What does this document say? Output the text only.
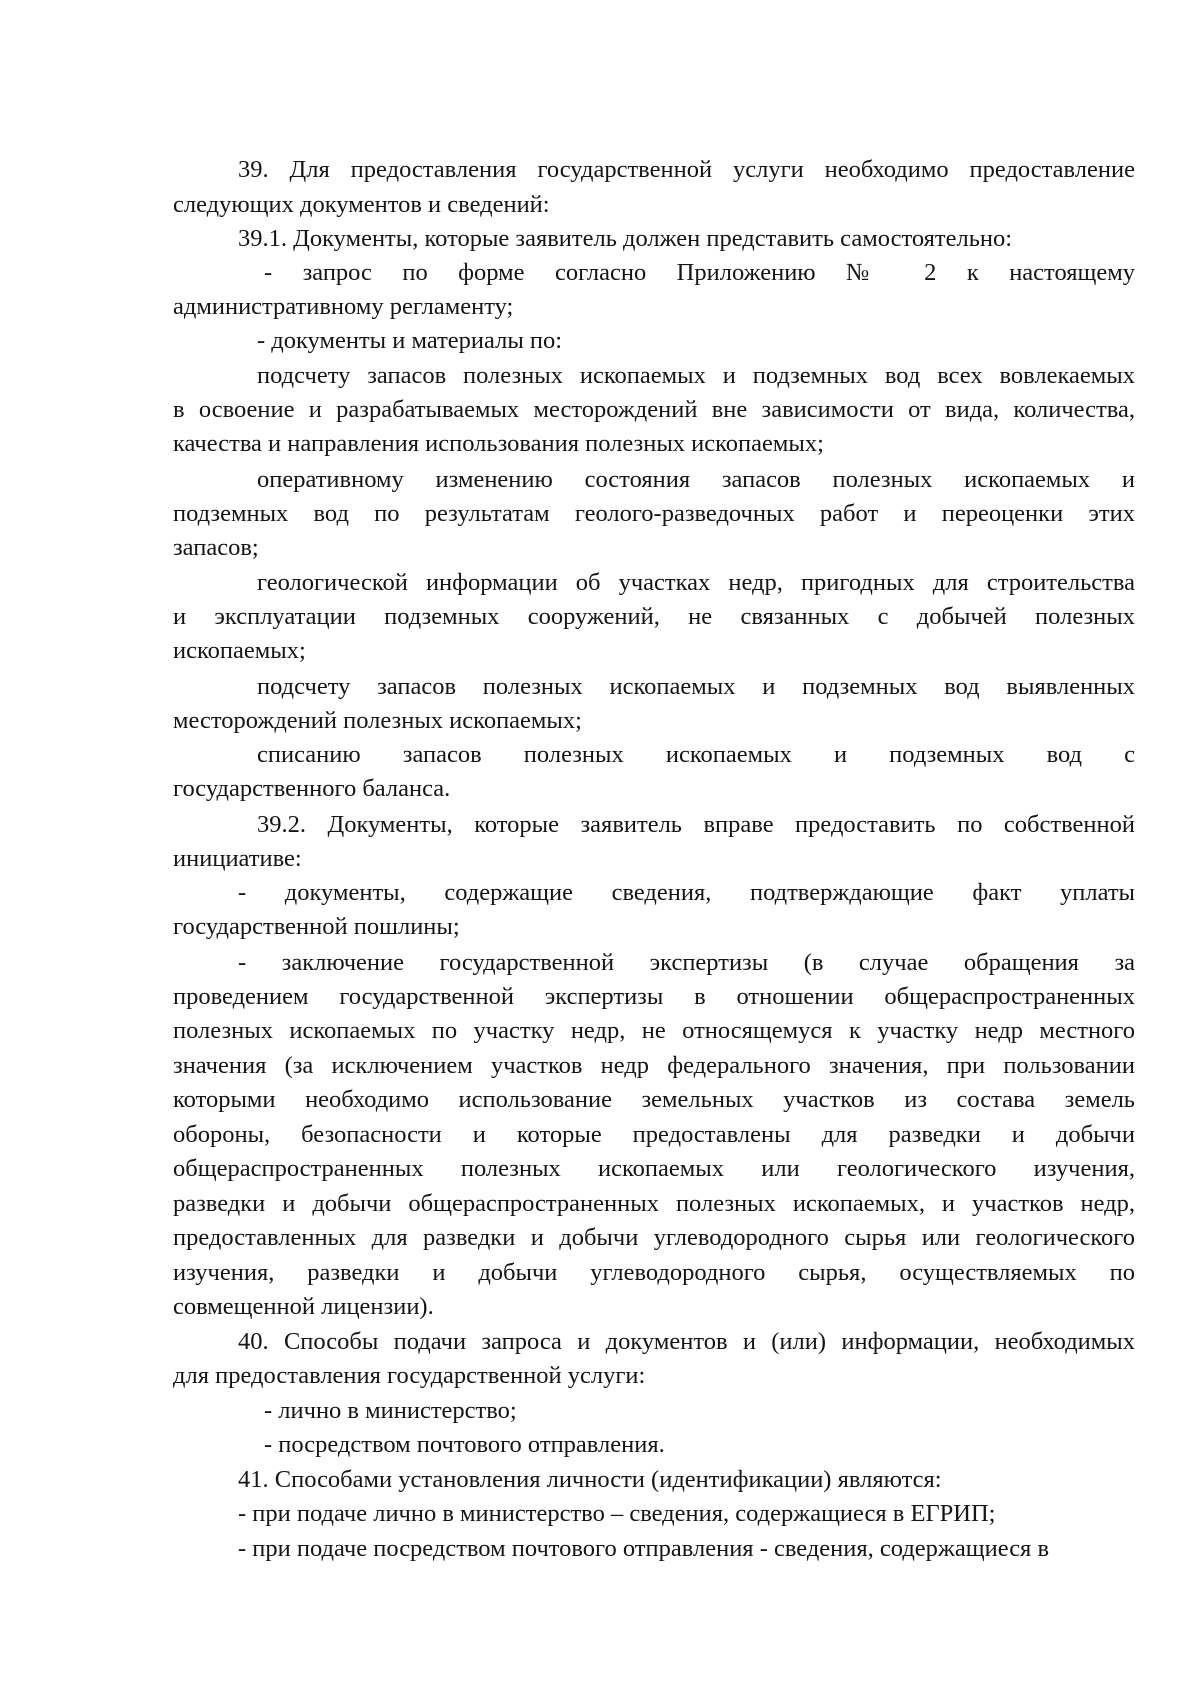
39. Для предоставления государственной услуги необходимо предоставление
следующих документов и сведений:
39.1. Документы, которые заявитель должен представить самостоятельно:
- запрос по форме согласно Приложению № 2 к настоящему
административному регламенту;
- документы и материалы по:
подсчету запасов полезных ископаемых и подземных вод всех вовлекаемых
в освоение и разрабатываемых месторождений вне зависимости от вида, количества,
качества и направления использования полезных ископаемых;
оперативному изменению состояния запасов полезных ископаемых и
подземных вод по результатам геолого-разведочных работ и переоценки этих
запасов;
геологической информации об участках недр, пригодных для строительства
и эксплуатации подземных сооружений, не связанных с добычей полезных
ископаемых;
подсчету запасов полезных ископаемых и подземных вод выявленных
месторождений полезных ископаемых;
списанию запасов полезных ископаемых и подземных вод с
государственного баланса.
39.2. Документы, которые заявитель вправе предоставить по собственной
инициативе:
- документы, содержащие сведения, подтверждающие факт уплаты
государственной пошлины;
- заключение государственной экспертизы (в случае обращения за
проведением государственной экспертизы в отношении общераспространенных
полезных ископаемых по участку недр, не относящемуся к участку недр местного
значения (за исключением участков недр федерального значения, при пользовании
которыми необходимо использование земельных участков из состава земель
обороны, безопасности и которые предоставлены для разведки и добычи
общераспространенных полезных ископаемых или геологического изучения,
разведки и добычи общераспространенных полезных ископаемых, и участков недр,
предоставленных для разведки и добычи углеводородного сырья или геологического
изучения, разведки и добычи углеводородного сырья, осуществляемых по
совмещенной лицензии).
40. Способы подачи запроса и документов и (или) информации, необходимых
для предоставления государственной услуги:
- лично в министерство;
- посредством почтового отправления.
41. Способами установления личности (идентификации) являются:
- при подаче лично в министерство – сведения, содержащиеся в ЕГРИП;
- при подаче посредством почтового отправления - сведения, содержащиеся в
